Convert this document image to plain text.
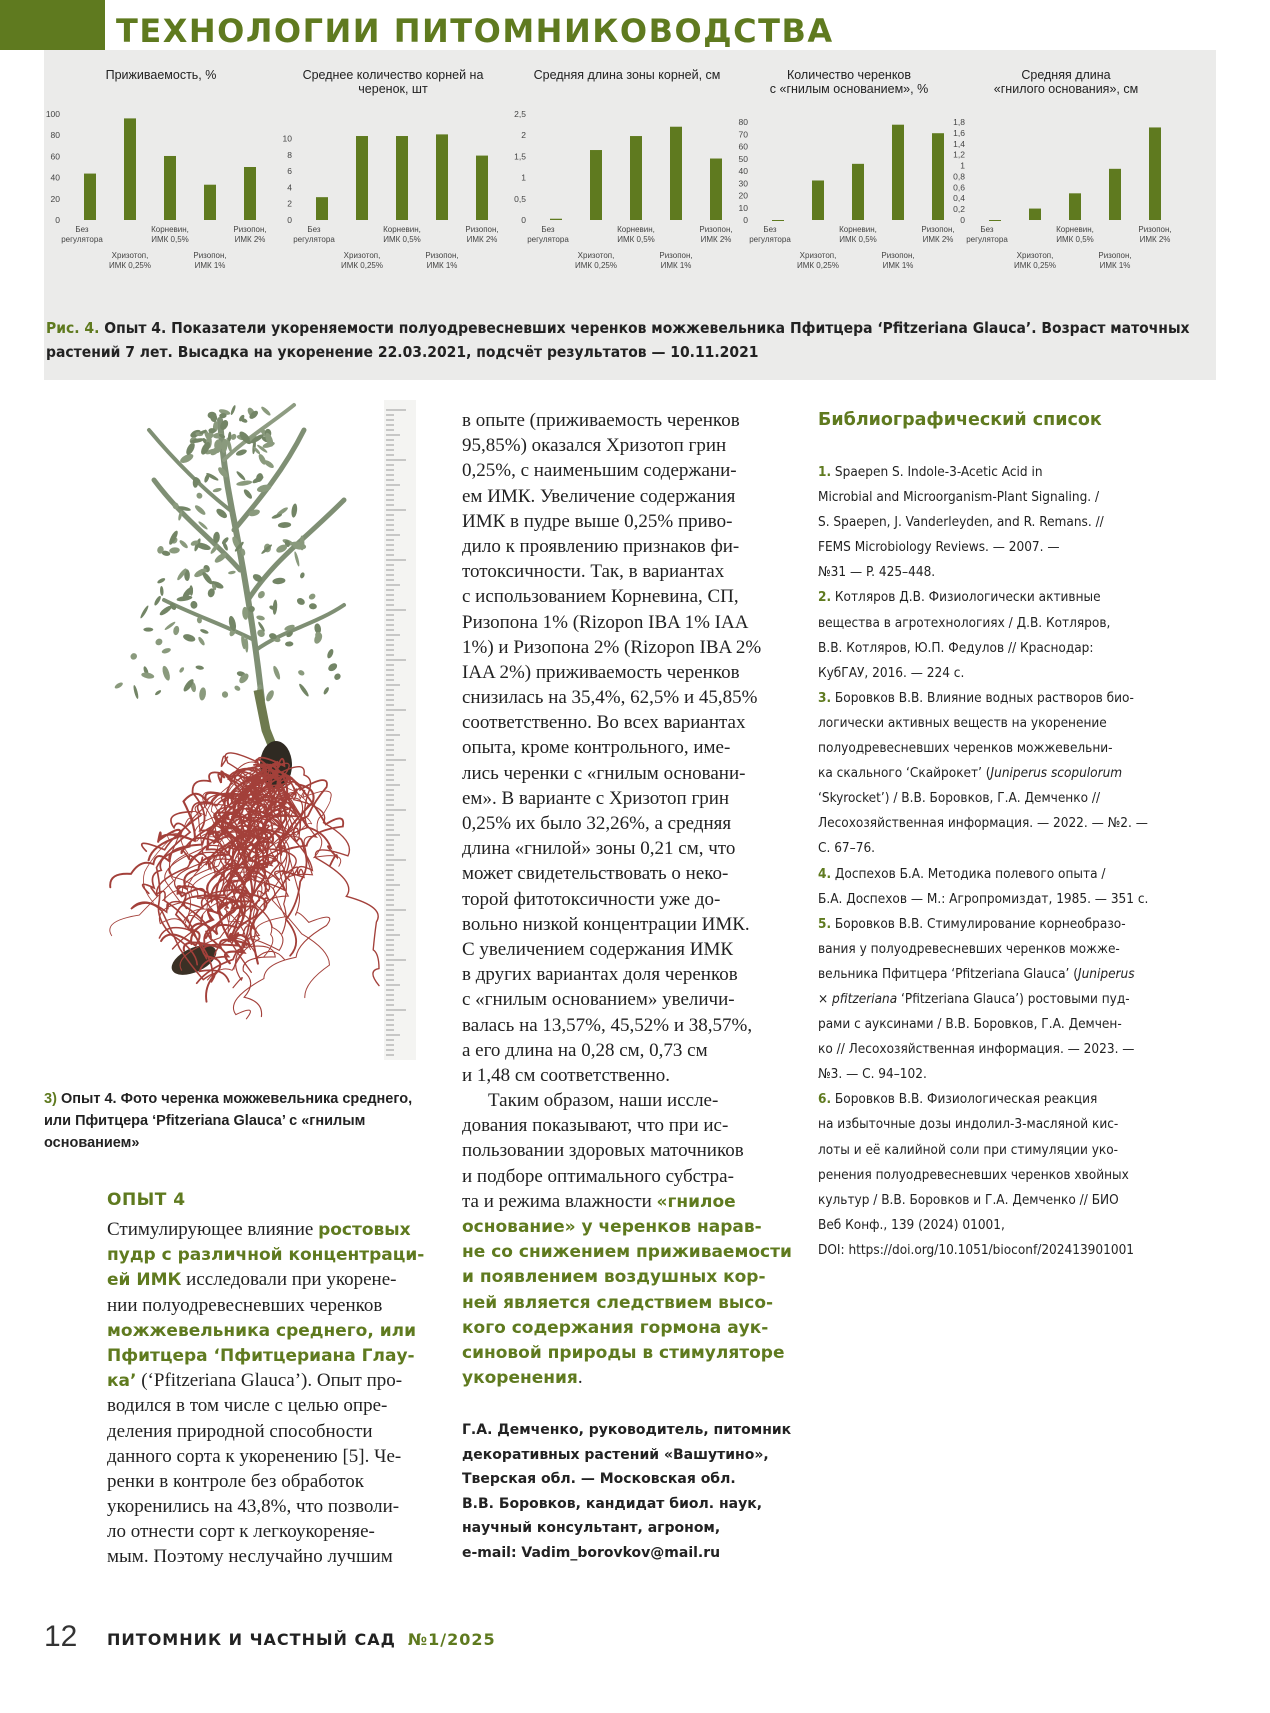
ТЕХНОЛОГИИ ПИТОМНИКОВОДСТВА
Приживаемость, %
0
20
40
60
80
100
Без
регулятора
Хризотоп,
ИМК 0,25%
Корневин,
ИМК 0,5%
Ризопон,
ИМК 1%
Ризопон,
ИМК 2%
Среднее количество корней на черенок, шт
0
2
4
6
8
10
Без
регулятора
Хризотоп,
ИМК 0,25%
Корневин,
ИМК 0,5%
Ризопон,
ИМК 1%
Ризопон,
ИМК 2%
Средняя длина зоны корней, см
0
0,5
1
1,5
2
2,5
Без
регулятора
Хризотоп,
ИМК 0,25%
Корневин,
ИМК 0,5%
Ризопон,
ИМК 1%
Ризопон,
ИМК 2%
Количество черенков
с «гнилым основанием», %
0
10
20
30
40
50
60
70
80
Без
регулятора
Хризотоп,
ИМК 0,25%
Корневин,
ИМК 0,5%
Ризопон,
ИМК 1%
Ризопон,
ИМК 2%
Средняя длина
«гнилого основания», см
0
0,2
0,4
0,6
0,8
1
1,2
1,4
1,6
1,8
Без
регулятора
Хризотоп,
ИМК 0,25%
Корневин,
ИМК 0,5%
Ризопон,
ИМК 1%
Ризопон,
ИМК 2%
Рис. 4. Опыт 4. Показатели укореняемости полуодревесневших черенков можжевельника Пфитцера ‘Pfitzeriana Glauca’. Возраст маточных растений 7 лет. Высадка на укоренение 22.03.2021, подсчёт результатов — 10.11.2021
3) Опыт 4. Фото черенка можжевельника среднего, или Пфитцера ‘Pfitzeriana Glauca’ с «гнилым основанием»
ОПЫТ 4
Стимулирующее влияние ростовых
пудр с различной концентраци-
ей ИМК исследовали при укорене-
нии полуодревесневших черенков
можжевельника среднего, или
Пфитцера ‘Пфитцериана Глау-
ка’ (‘Pfitzeriana Glauca’). Опыт про-
водился в том числе с целью опре-
деления природной способности
данного сорта к укоренению [5]. Че-
ренки в контроле без обработок
укоренились на 43,8%, что позволи-
ло отнести сорт к легкоукореняе-
мым. Поэтому неслучайно лучшим
в опыте (приживаемость черенков
95,85%) оказался Хризотоп грин
0,25%, с наименьшим содержани-
ем ИМК. Увеличение содержания
ИМК в пудре выше 0,25% приво-
дило к проявлению признаков фи-
тотоксичности. Так, в вариантах
с использованием Корневина, СП,
Ризопона 1% (Rizopon IBA 1% IAA
1%) и Ризопона 2% (Rizopon IBA 2%
IAA 2%) приживаемость черенков
снизилась на 35,4%, 62,5% и 45,85%
соответственно. Во всех вариантах
опыта, кроме контрольного, име-
лись черенки с «гнилым основани-
ем». В варианте с Хризотоп грин
0,25% их было 32,26%, а средняя
длина «гнилой» зоны 0,21 см, что
может свидетельствовать о неко-
торой фитотоксичности уже до-
вольно низкой концентрации ИМК.
С увеличением содержания ИМК
в других вариантах доля черенков
с «гнилым основанием» увеличи-
валась на 13,57%, 45,52% и 38,57%,
а его длина на 0,28 см, 0,73 см
и 1,48 см соответственно.
Таким образом, наши иссле-
дования показывают, что при ис-
пользовании здоровых маточников
и подборе оптимального субстра-
та и режима влажности «гнилое
основание» у черенков нарав-
не со снижением приживаемости
и появлением воздушных кор-
ней является следствием высо-
кого содержания гормона аук-
синовой природы в стимуляторе
укоренения.
Г.А. Демченко, руководитель, питомник
декоративных растений «Вашутино»,
Тверская обл. — Московская обл.
В.В. Боровков, кандидат биол. наук,
научный консультант, агроном,
e-mail: Vadim_borovkov@mail.ru
Библиографический список
1. Spaepen S. Indole-3-Acetic Acid in
Microbial and Microorganism-Plant Signaling. /
S. Spaepen, J. Vanderleyden, and R. Remans. //
FEMS Microbiology Reviews. — 2007. —
№31 — P. 425–448.
2. Котляров Д.В. Физиологически активные
вещества в агротехнологиях / Д.В. Котляров,
В.В. Котляров, Ю.П. Федулов // Краснодар:
КубГАУ, 2016. — 224 с.
3. Боровков В.В. Влияние водных растворов био-
логически активных веществ на укоренение
полуодревесневших черенков можжевельни-
ка скального ‘Скайрокет’ (Juniperus scopulorum
‘Skyrocket’) / В.В. Боровков, Г.А. Демченко //
Лесохозяйственная информация. — 2022. — №2. —
С. 67–76.
4. Доспехов Б.А. Методика полевого опыта /
Б.А. Доспехов — М.: Агропромиздат, 1985. — 351 с.
5. Боровков В.В. Стимулирование корнеобразо-
вания у полуодревесневших черенков можже-
вельника Пфитцера ‘Pfitzeriana Glauca’ (Juniperus
× pfitzeriana ‘Pfitzeriana Glauca’) ростовыми пуд-
рами с ауксинами / В.В. Боровков, Г.А. Демчен-
ко // Лесохозяйственная информация. — 2023. —
№3. — С. 94–102.
6. Боровков В.В. Физиологическая реакция
на избыточные дозы индолил-3-масляной кис-
лоты и её калийной соли при стимуляции уко-
ренения полуодревесневших черенков хвойных
культур / В.В. Боровков и Г.А. Демченко // БИО
Веб Конф., 139 (2024) 01001,
DOI: https://doi.org/10.1051/bioconf/202413901001
12 ПИТОМНИК И ЧАСТНЫЙ САД №1/2025
